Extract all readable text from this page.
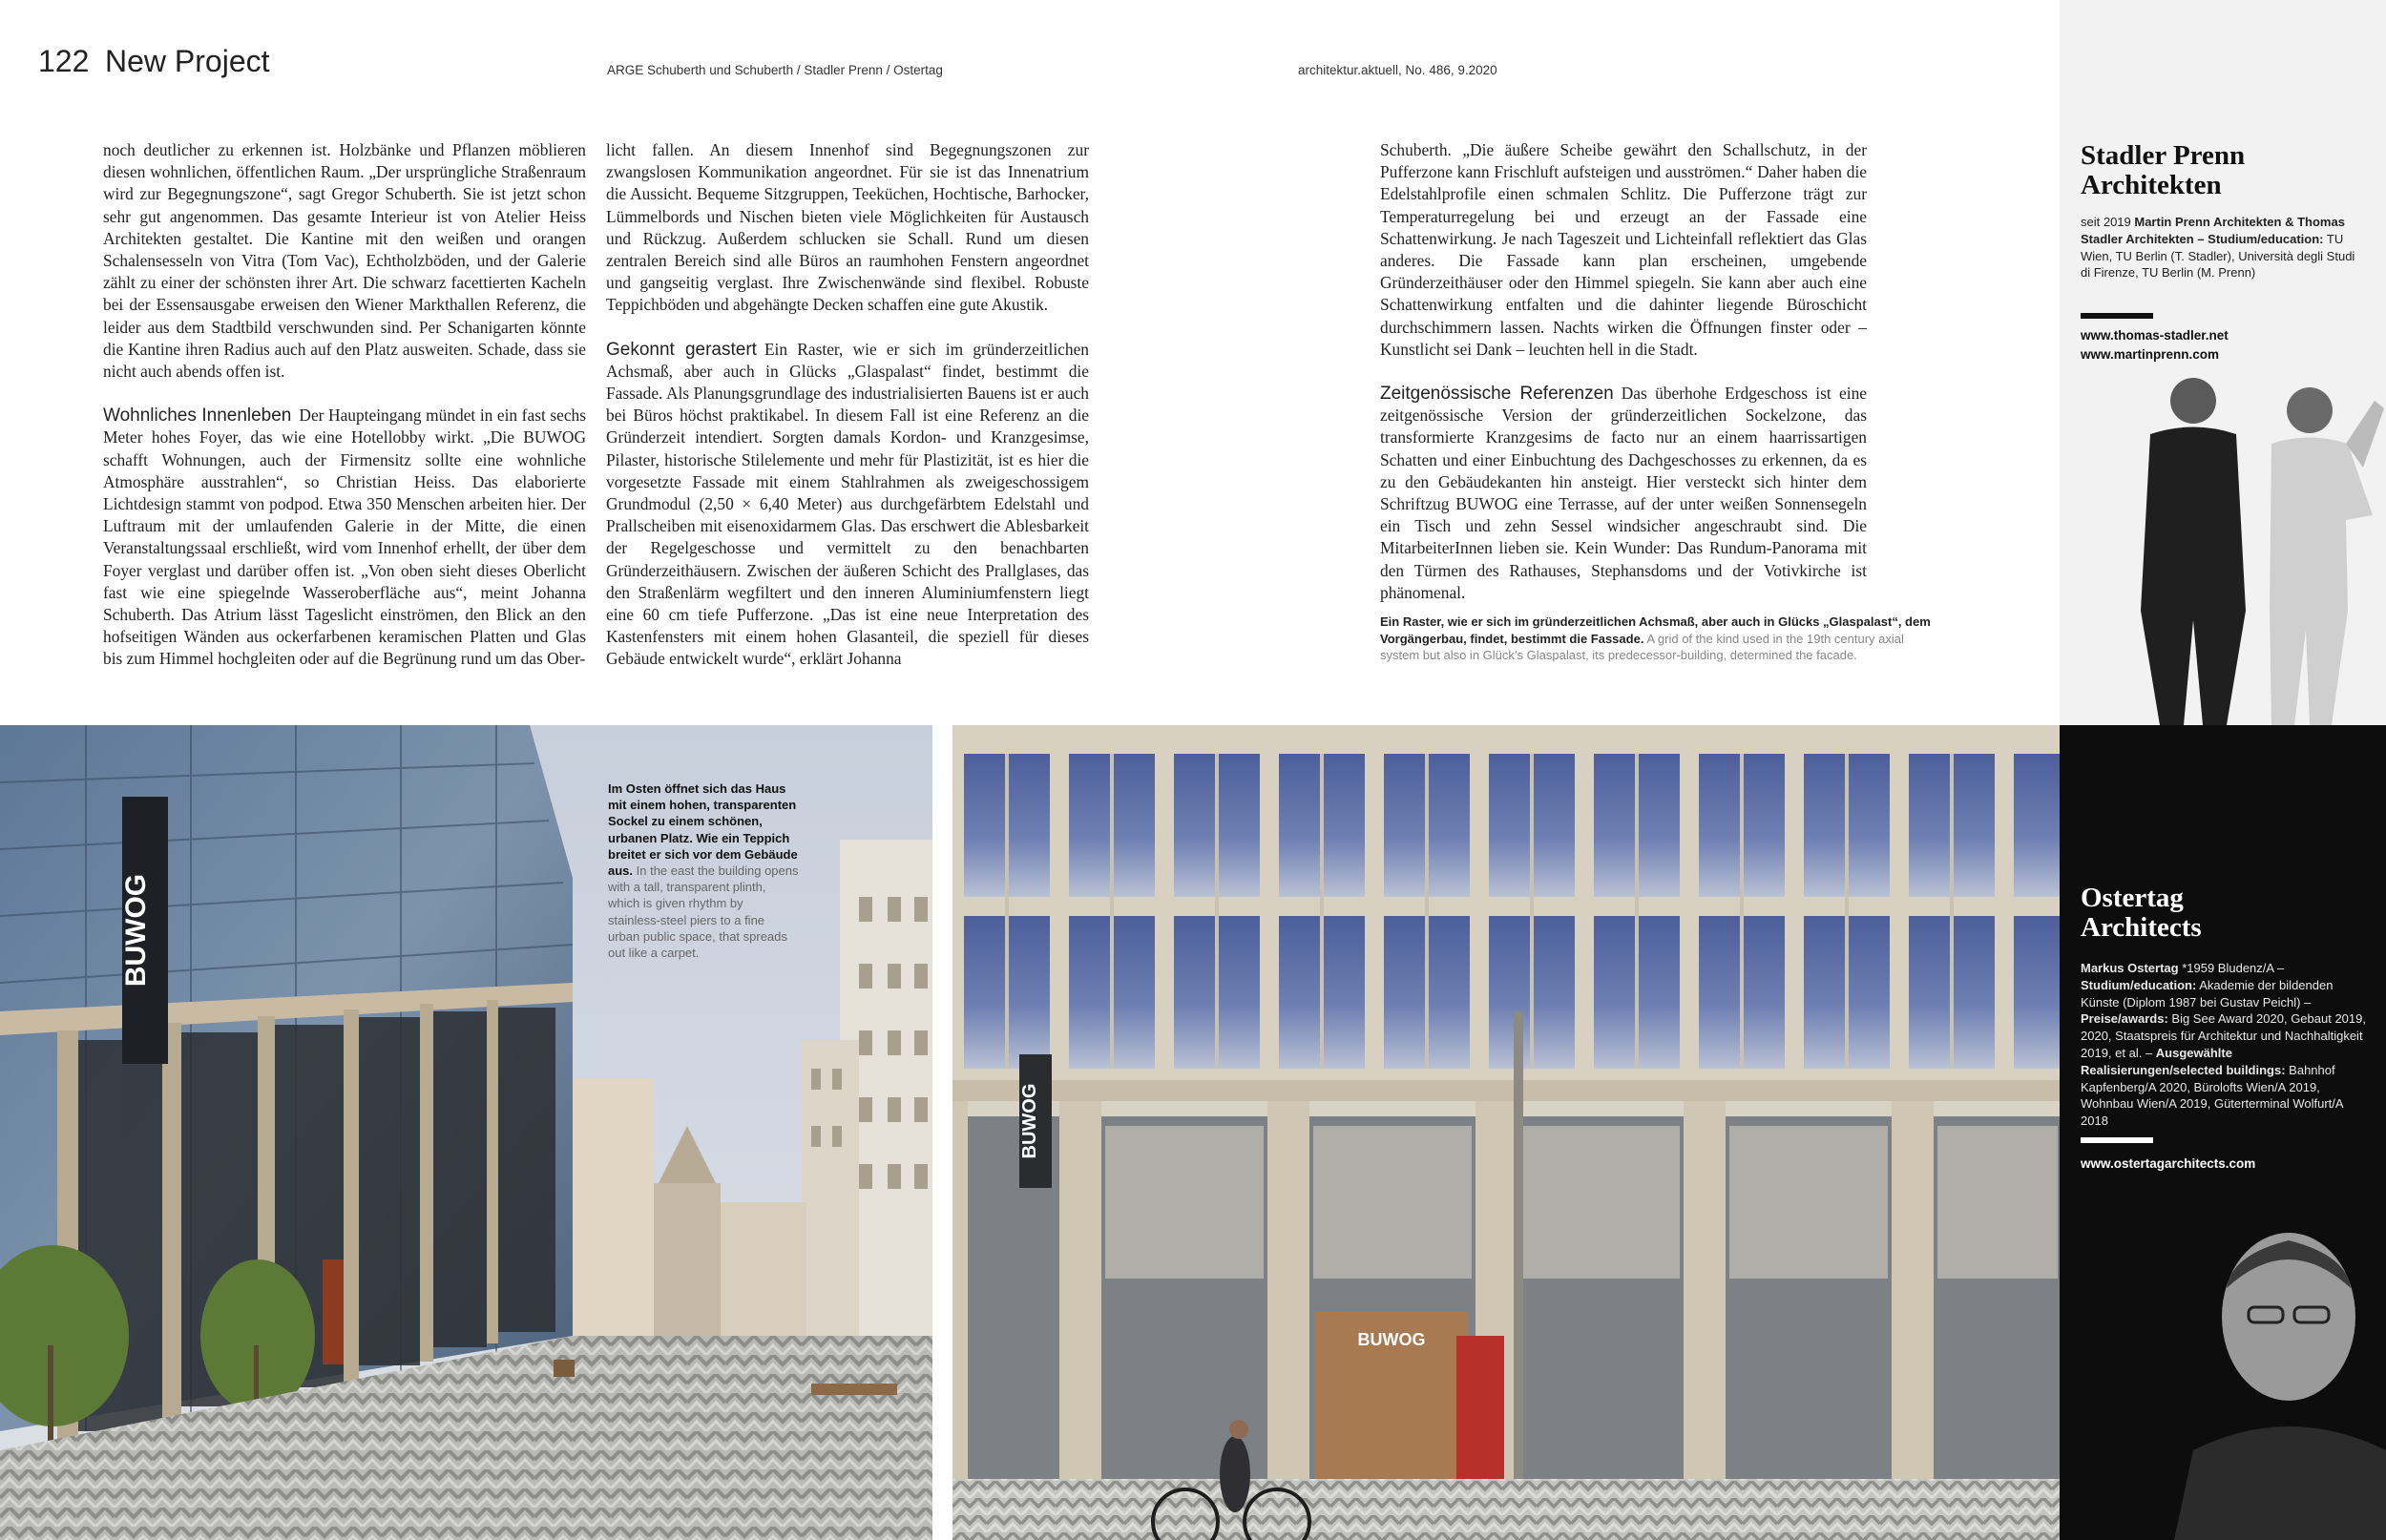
122 New Project	ARGE Schuberth und Schuberth / Stadler Prenn / Ostertag	architektur.aktuell, No. 486, 9.2020

noch deutlicher zu erkennen ist. Holzbänke und Pflanzen möblieren diesen wohnlichen, öffentlichen Raum. „Der ursprüngliche Straßenraum wird zur Begegnungszone“, sagt Gregor Schuberth. Sie ist jetzt schon sehr gut angenommen. Das gesamte Interieur ist von Atelier Heiss Architekten gestaltet. Die Kantine mit den weißen und orangen Schalensesseln von Vitra (Tom Vac), Echtholzböden, und der Galerie zählt zu einer der schönsten ihrer Art. Die schwarz facettierten Kacheln bei der Essensausgabe erweisen den Wiener Markthallen Referenz, die leider aus dem Stadtbild verschwunden sind. Per Schanigarten könnte die Kantine ihren Radius auch auf den Platz ausweiten. Schade, dass sie nicht auch abends offen ist.

Wohnliches Innenleben Der Haupteingang mündet in ein fast sechs Meter hohes Foyer, das wie eine Hotellobby wirkt. „Die BUWOG schafft Wohnungen, auch der Firmensitz sollte eine wohnliche Atmosphäre ausstrahlen“, so Christian Heiss. Das elaborierte Lichtdesign stammt von podpod. Etwa 350 Menschen arbeiten hier. Der Luftraum mit der umlaufenden Galerie in der Mitte, die einen Veranstaltungssaal erschließt, wird vom Innenhof erhellt, der über dem Foyer verglast und darüber offen ist. „Von oben sieht dieses Oberlicht fast wie eine spiegelnde Wasseroberfläche aus“, meint Johanna Schuberth. Das Atrium lässt Tageslicht einströmen, den Blick an den hofseitigen Wänden aus ockerfarbenen keramischen Platten und Glas bis zum Himmel hochgleiten oder auf die Begrünung rund um das Ober-

licht fallen. An diesem Innenhof sind Begegnungszonen zur zwangslosen Kommunikation angeordnet. Für sie ist das Innenatrium die Aussicht. Bequeme Sitzgruppen, Teeküchen, Hochtische, Barhocker, Lümmelbords und Nischen bieten viele Möglichkeiten für Austausch und Rückzug. Außerdem schlucken sie Schall. Rund um diesen zentralen Bereich sind alle Büros an raumhohen Fenstern angeordnet und gangseitig verglast. Ihre Zwischenwände sind flexibel. Robuste Teppichböden und abgehängte Decken schaffen eine gute Akustik.

Gekonnt gerastert Ein Raster, wie er sich im gründerzeitlichen Achsmaß, aber auch in Glücks „Glaspalast“ findet, bestimmt die Fassade. Als Planungsgrundlage des industrialisierten Bauens ist er auch bei Büros höchst praktikabel. In diesem Fall ist eine Referenz an die Gründerzeit intendiert. Sorgten damals Kordon- und Kranzgesimse, Pilaster, historische Stilelemente und mehr für Plastizität, ist es hier die vorgesetzte Fassade mit einem Stahlrahmen als zweigeschossigem Grundmodul (2,50 × 6,40 Meter) aus durchgefärbtem Edelstahl und Prallscheiben mit eisenoxidarmem Glas. Das erschwert die Ablesbarkeit der Regelgeschosse und vermittelt zu den benachbarten Gründerzeithäusern. Zwischen der äußeren Schicht des Prallglases, das den Straßenlärm wegfiltert und den inneren Aluminiumfenstern liegt eine 60 cm tiefe Pufferzone. „Das ist eine neue Interpretation des Kastenfensters mit einem hohen Glasanteil, die speziell für dieses Gebäude entwickelt wurde“, erklärt Johanna

Schuberth. „Die äußere Scheibe gewährt den Schallschutz, in der Pufferzone kann Frischluft aufsteigen und ausströmen.“ Daher haben die Edelstahlprofile einen schmalen Schlitz. Die Pufferzone trägt zur Temperaturregelung bei und erzeugt an der Fassade eine Schattenwirkung. Je nach Tageszeit und Lichteinfall reflektiert das Glas anderes. Die Fassade kann plan erscheinen, umgebende Gründerzeithäuser oder den Himmel spiegeln. Sie kann aber auch eine Schattenwirkung entfalten und die dahinter liegende Büroschicht durchschimmern lassen. Nachts wirken die Öffnungen finster oder – Kunstlicht sei Dank – leuchten hell in die Stadt.

Zeitgenössische Referenzen Das überhohe Erdgeschoss ist eine zeitgenössische Version der gründerzeitlichen Sockelzone, das transformierte Kranzgesims de facto nur an einem haarrissartigen Schatten und einer Einbuchtung des Dachgeschosses zu erkennen, da es zu den Gebäudekanten hin ansteigt. Hier versteckt sich hinter dem Schriftzug BUWOG eine Terrasse, auf der unter weißen Sonnensegeln ein Tisch und zehn Sessel windsicher angeschraubt sind. Die MitarbeiterInnen lieben sie. Kein Wunder: Das Rundum-Panorama mit den Türmen des Rathauses, Stephansdoms und der Votivkirche ist phänomenal.

Ein Raster, wie er sich im gründerzeitlichen Achsmaß, aber auch in Glücks „Glaspalast“, dem Vorgängerbau, findet, bestimmt die Fassade. A grid of the kind used in the 19th century axial system but also in Glück’s Glaspalast, its predecessor-building, determined the facade.
BUWOG
Im Osten öffnet sich das Haus mit einem hohen, transparenten Sockel zu einem schönen, urbanen Platz. Wie ein Teppich breitet er sich vor dem Gebäude aus. In the east the building opens with a tall, transparent plinth, which is given rhythm by stainless-steel piers to a fine urban public space, that spreads out like a carpet.
BUWOG
BUWOG
Stadler Prenn
Architekten
seit 2019 Martin Prenn Architekten & Thomas Stadler Architekten – Studium/education: TU Wien, TU Berlin (T. Stadler), Università degli Studi di Firenze, TU Berlin (M. Prenn)
www.thomas-stadler.net
www.martinprenn.com
Ostertag
Architects
Markus Ostertag *1959 Bludenz/A – Studium/education: Akademie der bildenden Künste (Diplom 1987 bei Gustav Peichl) – Preise/awards: Big See Award 2020, Gebaut 2019, 2020, Staatspreis für Architektur und Nachhaltigkeit 2019, et al. – Ausgewählte Realisierungen/selected buildings: Bahnhof Kapfenberg/A 2020, Bürolofts Wien/A 2019, Wohnbau Wien/A 2019, Güterterminal Wolfurt/A 2018
www.ostertagarchitects.com
